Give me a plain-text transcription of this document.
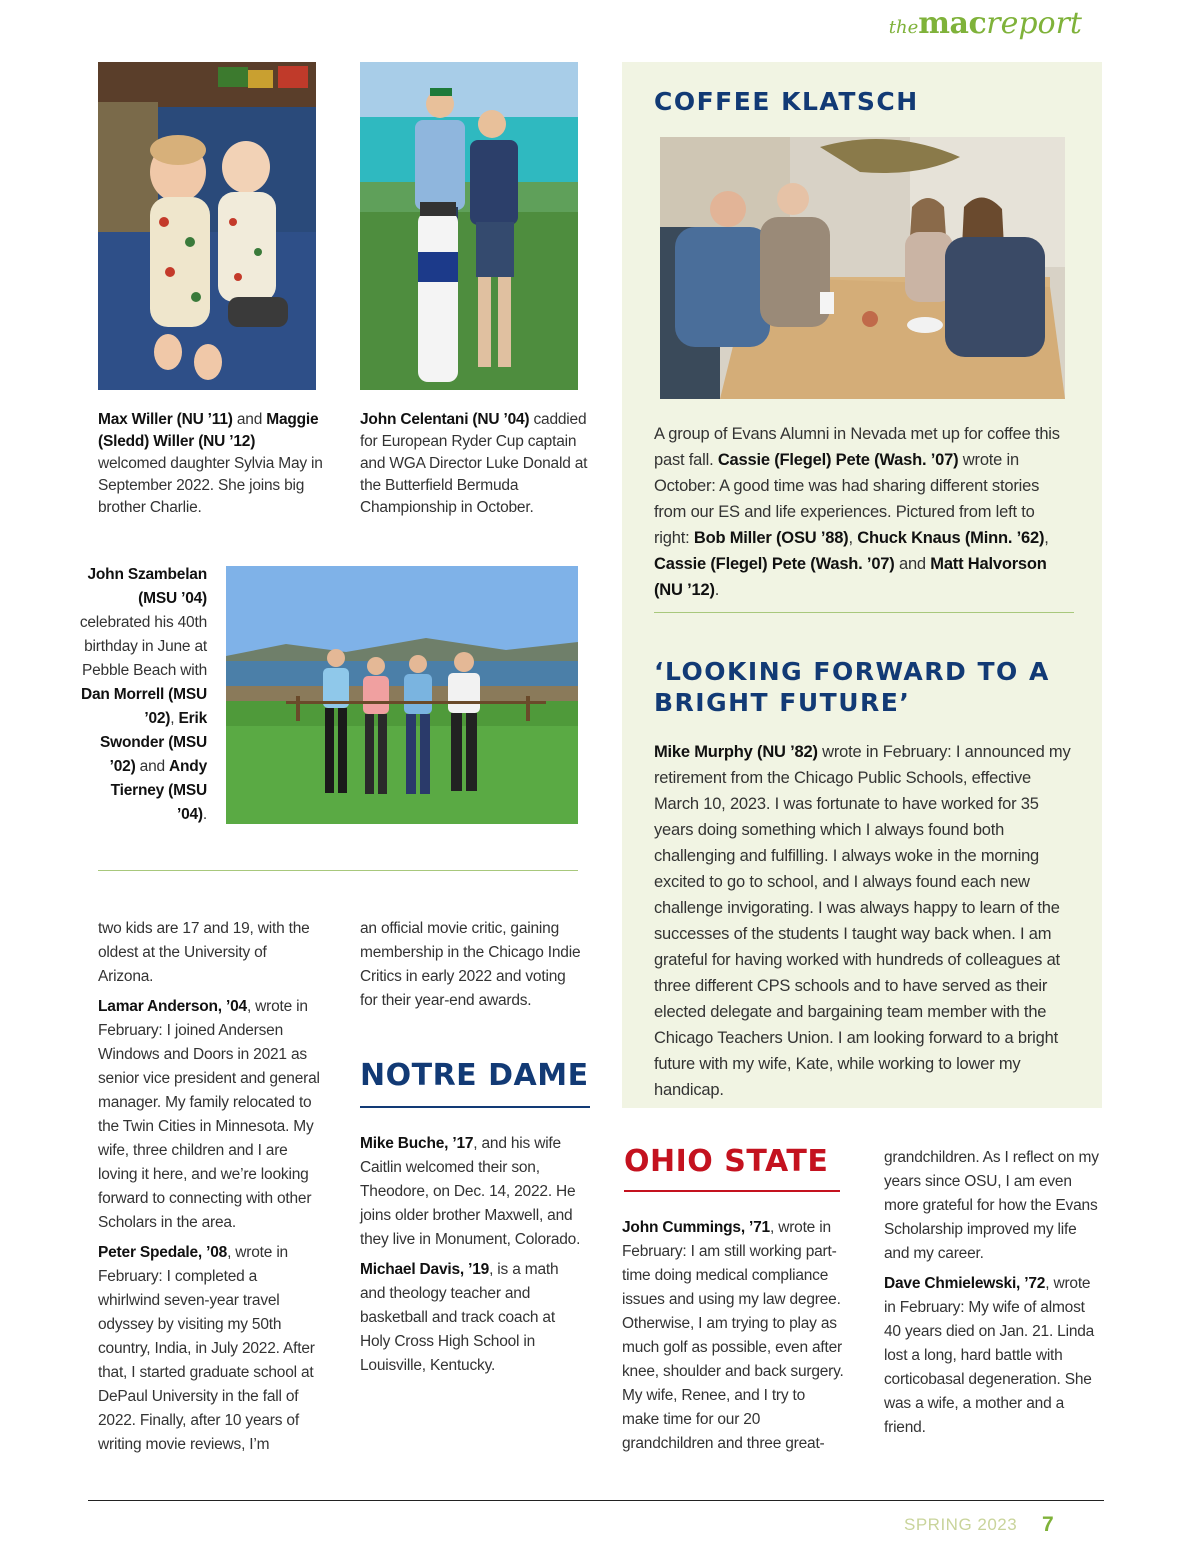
themacreport
Max Willer (NU ’11) and Maggie (Sledd) Willer (NU ’12) welcomed daughter Sylvia May in September 2022. She joins big brother Charlie.
John Celentani (NU ’04) caddied for European Ryder Cup captain and WGA Director Luke Donald at the Butterfield Bermuda Championship in October.
John Szambelan (MSU ’04) celebrated his 40th birthday in June at Pebble Beach with Dan Morrell (MSU ’02), Erik Swonder (MSU ’02) and Andy Tierney (MSU ’04).

two kids are 17 and 19, with the oldest at the University of Arizona.

Lamar Anderson, ’04, wrote in February: I joined Andersen Windows and Doors in 2021 as senior vice president and general manager. My family relocated to the Twin Cities in Minnesota. My wife, three children and I are loving it here, and we’re looking forward to connecting with other Scholars in the area.

Peter Spedale, ’08, wrote in February: I completed a whirlwind seven-year travel odyssey by visiting my 50th country, India, in July 2022. After that, I started graduate school at DePaul University in the fall of 2022. Finally, after 10 years of writing movie reviews, I’m

an official movie critic, gaining membership in the Chicago Indie Critics in early 2022 and voting for their year-end awards.

NOTRE DAME

Mike Buche, ’17, and his wife Caitlin welcomed their son, Theodore, on Dec. 14, 2022. He joins older brother Maxwell, and they live in Monument, Colorado.

Michael Davis, ’19, is a math and theology teacher and basketball and track coach at Holy Cross High School in Louisville, Kentucky.

COFFEE KLATSCH
A group of Evans Alumni in Nevada met up for coffee this past fall. Cassie (Flegel) Pete (Wash. ’07) wrote in October: A good time was had sharing different stories from our ES and life experiences. Pictured from left to right: Bob Miller (OSU ’88), Chuck Knaus (Minn. ’62), Cassie (Flegel) Pete (Wash. ’07) and Matt Halvorson (NU ’12).
‘LOOKING FORWARD TO A BRIGHT FUTURE’
Mike Murphy (NU ’82) wrote in February: I announced my retirement from the Chicago Public Schools, effective March 10, 2023. I was fortunate to have worked for 35 years doing something which I always found both challenging and fulfilling. I always woke in the morning excited to go to school, and I always found each new challenge invigorating. I was always happy to learn of the successes of the students I taught way back when. I am grateful for having worked with hundreds of colleagues at three different CPS schools and to have served as their elected delegate and bargaining team member with the Chicago Teachers Union. I am looking forward to a bright future with my wife, Kate, while working to lower my handicap.
OHIO STATE
John Cummings, ’71, wrote in February: I am still working part-time doing medical compliance issues and using my law degree. Otherwise, I am trying to play as much golf as possible, even after knee, shoulder and back surgery. My wife, Renee, and I try to make time for our 20 grandchildren and three great-

grandchildren. As I reflect on my years since OSU, I am even more grateful for how the Evans Scholarship improved my life and my career.

Dave Chmielewski, ’72, wrote in February: My wife of almost 40 years died on Jan. 21. Linda lost a long, hard battle with corticobasal degeneration. She was a wife, a mother and a friend.

SPRING 2023 7
